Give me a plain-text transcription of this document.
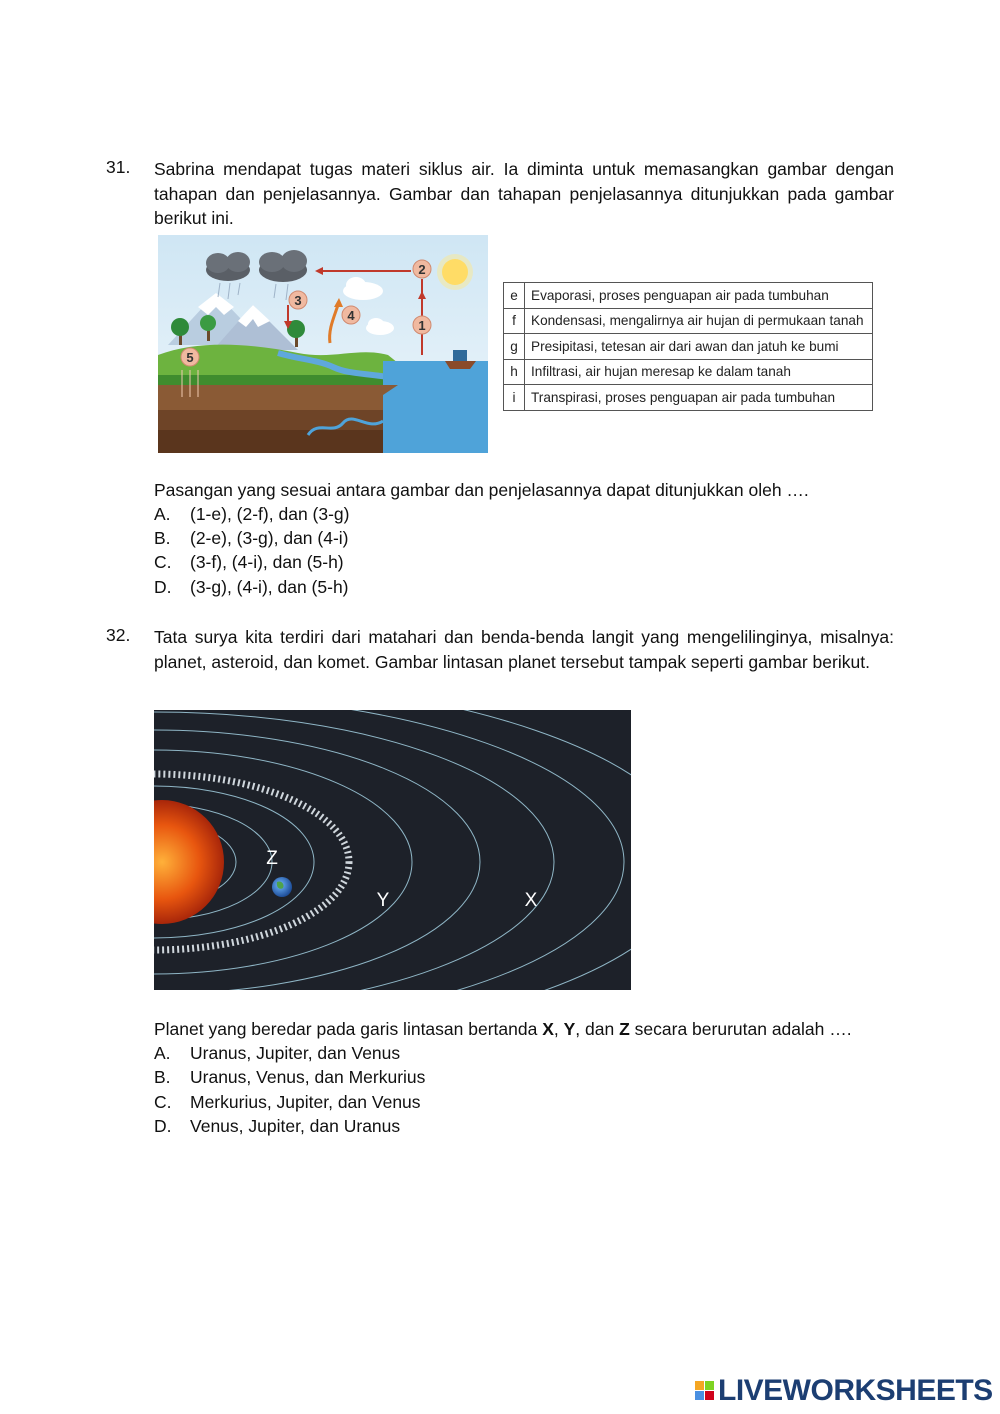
31. Sabrina mendapat tugas materi siklus air. Ia diminta untuk memasangkan gambar dengan tahapan dan penjelasannya. Gambar dan tahapan penjelasannya ditunjukkan pada gambar berikut ini.
2
1
3
4
5
e	Evaporasi, proses penguapan air pada tumbuhan
f	Kondensasi, mengalirnya air hujan di permukaan tanah
g	Presipitasi, tetesan air dari awan dan jatuh ke bumi
h	Infiltrasi, air hujan meresap ke dalam tanah
i	Transpirasi, proses penguapan air pada tumbuhan
Pasangan yang sesuai antara gambar dan penjelasannya dapat ditunjukkan oleh ….
A. (1-e), (2-f), dan (3-g)
B. (2-e), (3-g), dan (4-i)
C. (3-f), (4-i), dan (5-h)
D. (3-g), (4-i), dan (5-h)
32. Tata surya kita terdiri dari matahari dan benda-benda langit yang mengelilinginya, misalnya: planet, asteroid, dan komet. Gambar lintasan planet tersebut tampak seperti gambar berikut.
Z
Y	X
Planet yang beredar pada garis lintasan bertanda X, Y, dan Z secara berurutan adalah ….
A. Uranus, Jupiter, dan Venus
B. Uranus, Venus, dan Merkurius
C. Merkurius, Jupiter, dan Venus
D. Venus, Jupiter, dan Uranus
LIVEWORKSHEETS
